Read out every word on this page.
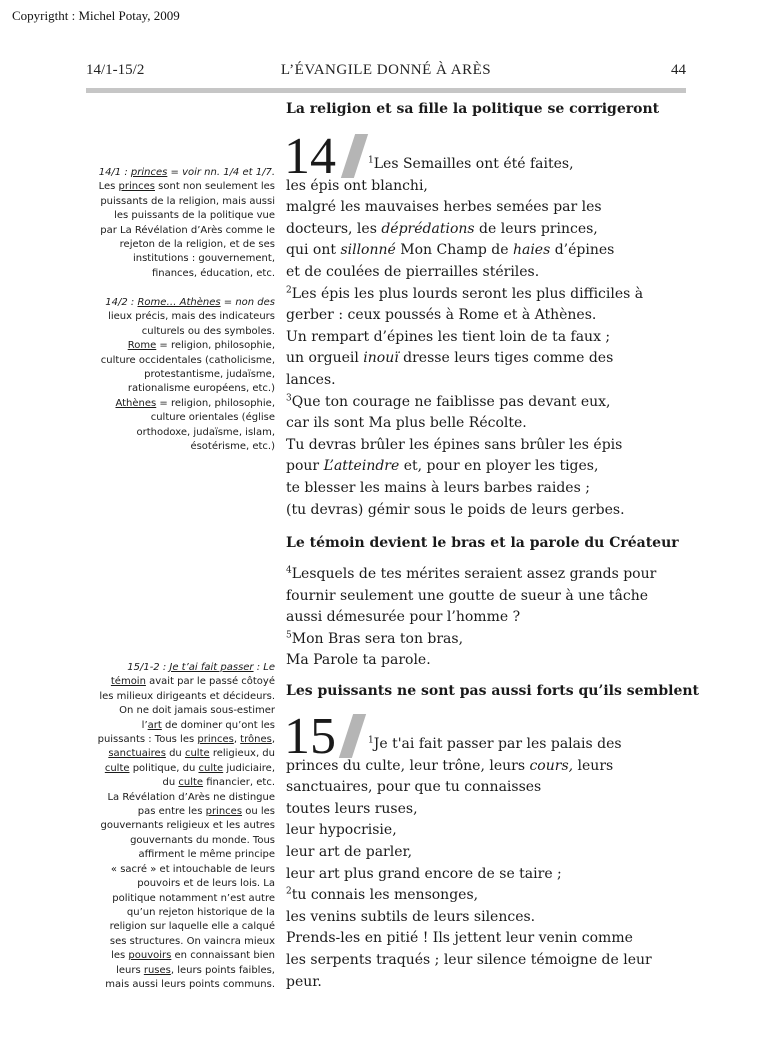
Copyrigtht : Michel Potay, 2009
14/1-15/2	L’ÉVANGILE DONNÉ À ARÈS	44
La religion et sa fille la politique se corrigeront
14	$^1$Les Semailles ont été faites,
les épis ont blanchi,
malgré les mauvaises herbes semées par les
docteurs, les déprédations de leurs princes,
qui ont sillonné Mon Champ de haies d’épines
et de coulées de pierrailles stériles.
$^2$Les épis les plus lourds seront les plus difficiles à
gerber : ceux poussés à Rome et à Athènes.
Un rempart d’épines les tient loin de ta faux ;
un orgueil inouï dresse leurs tiges comme des
lances.
$^3$Que ton courage ne faiblisse pas devant eux,
car ils sont Ma plus belle Récolte.
Tu devras brûler les épines sans brûler les épis
pour L’atteindre et, pour en ployer les tiges,
te blesser les mains à leurs barbes raides ;
(tu devras) gémir sous le poids de leurs gerbes.
Le témoin devient le bras et la parole du Créateur
$^4$Lesquels de tes mérites seraient assez grands pour
fournir seulement une goutte de sueur à une tâche
aussi démesurée pour l’homme ?
$^5$Mon Bras sera ton bras,
Ma Parole ta parole.
Les puissants ne sont pas aussi forts qu’ils semblent
15	$^1$Je t'ai fait passer par les palais des
princes du culte, leur trône, leurs cours, leurs
sanctuaires, pour que tu connaisses
toutes leurs ruses,
leur hypocrisie,
leur art de parler,
leur art plus grand encore de se taire ;
$^2$tu connais les mensonges,
les venins subtils de leurs silences.
Prends-les en pitié ! Ils jettent leur venin comme
les serpents traqués ; leur silence témoigne de leur
peur.
14/1 : princes = voir nn. 1/4 et 1/7.
Les princes sont non seulement les
puissants de la religion, mais aussi
les puissants de la politique vue
par La Révélation d’Arès comme le
rejeton de la religion, et de ses
institutions : gouvernement,
finances, éducation, etc.
14/2 : Rome… Athènes = non des
lieux précis, mais des indicateurs
culturels ou des symboles.
Rome = religion, philosophie,
culture occidentales (catholicisme,
protestantisme, judaïsme,
rationalisme européens, etc.)
Athènes = religion, philosophie,
culture orientales (église
orthodoxe, judaïsme, islam,
ésotérisme, etc.)
15/1-2 : Je t’ai fait passer : Le
témoin avait par le passé côtoyé
les milieux dirigeants et décideurs.
On ne doit jamais sous-estimer
l’art de dominer qu’ont les
puissants : Tous les princes, trônes,
sanctuaires du culte religieux, du
culte politique, du culte judiciaire,
du culte financier, etc.
La Révélation d’Arès ne distingue
pas entre les princes ou les
gouvernants religieux et les autres
gouvernants du monde. Tous
affirment le même principe
« sacré » et intouchable de leurs
pouvoirs et de leurs lois. La
politique notamment n’est autre
qu’un rejeton historique de la
religion sur laquelle elle a calqué
ses structures. On vaincra mieux
les pouvoirs en connaissant bien
leurs ruses, leurs points faibles,
mais aussi leurs points communs.
